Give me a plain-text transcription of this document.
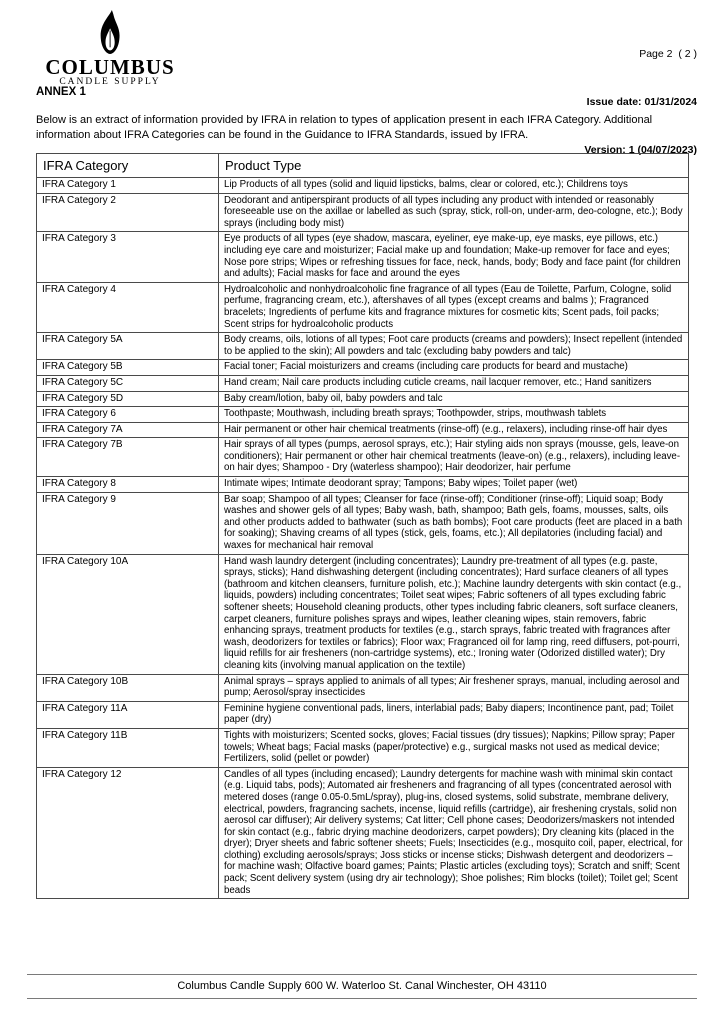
COLUMBUS
CANDLE SUPPLY

Page 2  ( 2 )

Issue date: 01/31/2024

Version: 1 (04/07/2023)

ANNEX 1
Below is an extract of information provided by IFRA in relation to types of application present in each IFRA Category. Additional information about IFRA Categories can be found in the Guidance to IFRA Standards, issued by IFRA.
IFRA Category	Product Type
IFRA Category 1	Lip Products of all types (solid and liquid lipsticks, balms, clear or colored, etc.); Childrens toys
IFRA Category 2	Deodorant and antiperspirant products of all types including any product with intended or reasonably foreseeable use on the axillae or labelled as such (spray, stick, roll-on, under-arm, deo-cologne, etc.); Body sprays (including body mist)
IFRA Category 3	Eye products of all types (eye shadow, mascara, eyeliner, eye make-up, eye masks, eye pillows, etc.) including eye care and moisturizer; Facial make up and foundation; Make-up remover for face and eyes; Nose pore strips; Wipes or refreshing tissues for face, neck, hands, body; Body and face paint (for children and adults); Facial masks for face and around the eyes
IFRA Category 4	Hydroalcoholic and nonhydroalcoholic fine fragrance of all types (Eau de Toilette, Parfum, Cologne, solid perfume, fragrancing cream, etc.), aftershaves of all types (except creams and balms ); Fragranced bracelets; Ingredients of perfume kits and fragrance mixtures for cosmetic kits; Scent pads, foil packs; Scent strips for hydroalcoholic products
IFRA Category 5A	Body creams, oils, lotions of all types; Foot care products (creams and powders); Insect repellent (intended to be applied to the skin); All powders and talc (excluding baby powders and talc)
IFRA Category 5B	Facial toner; Facial moisturizers and creams (including care products for beard and mustache)
IFRA Category 5C	Hand cream; Nail care products including cuticle creams, nail lacquer remover, etc.; Hand sanitizers
IFRA Category 5D	Baby cream/lotion, baby oil, baby powders and talc
IFRA Category 6	Toothpaste; Mouthwash, including breath sprays; Toothpowder, strips, mouthwash tablets
IFRA Category 7A	Hair permanent or other hair chemical treatments (rinse-off) (e.g., relaxers), including rinse-off hair dyes
IFRA Category 7B	Hair sprays of all types (pumps, aerosol sprays, etc.); Hair styling aids non sprays (mousse, gels, leave-on conditioners); Hair permanent or other hair chemical treatments (leave-on) (e.g., relaxers), including leave-on hair dyes; Shampoo - Dry (waterless shampoo); Hair deodorizer, hair perfume
IFRA Category 8	Intimate wipes; Intimate deodorant spray; Tampons; Baby wipes; Toilet paper (wet)
IFRA Category 9	Bar soap; Shampoo of all types; Cleanser for face (rinse-off); Conditioner (rinse-off); Liquid soap; Body washes and shower gels of all types; Baby wash, bath, shampoo; Bath gels, foams, mousses, salts, oils and other products added to bathwater (such as bath bombs); Foot care products (feet are placed in a bath for soaking); Shaving creams of all types (stick, gels, foams, etc.); All depilatories (including facial) and waxes for mechanical hair removal
IFRA Category 10A	Hand wash laundry detergent (including concentrates); Laundry pre-treatment of all types (e.g. paste, sprays, sticks); Hand dishwashing detergent (including concentrates); Hard surface cleaners of all types (bathroom and kitchen cleansers, furniture polish, etc.); Machine laundry detergents with skin contact (e.g., liquids, powders) including concentrates; Toilet seat wipes; Fabric softeners of all types excluding fabric softener sheets; Household cleaning products, other types including fabric cleaners, soft surface cleaners, carpet cleaners, furniture polishes sprays and wipes, leather cleaning wipes, stain removers, fabric enhancing sprays, treatment products for textiles (e.g., starch sprays, fabric treated with fragrances after wash, deodorizers for textiles or fabrics); Floor wax; Fragranced oil for lamp ring, reed diffusers, pot-pourri, liquid refills for air fresheners (non-cartridge systems), etc.; Ironing water (Odorized distilled water); Dry cleaning kits (involving manual application on the textile)
IFRA Category 10B	Animal sprays – sprays applied to animals of all types; Air freshener sprays, manual, including aerosol and pump; Aerosol/spray insecticides
IFRA Category 11A	Feminine hygiene conventional pads, liners, interlabial pads; Baby diapers; Incontinence pant, pad; Toilet paper (dry)
IFRA Category 11B	Tights with moisturizers; Scented socks, gloves; Facial tissues (dry tissues); Napkins; Pillow spray; Paper towels; Wheat bags; Facial masks (paper/protective) e.g., surgical masks not used as medical device; Fertilizers, solid (pellet or powder)
IFRA Category 12	Candles of all types (including encased); Laundry detergents for machine wash with minimal skin contact (e.g. Liquid tabs, pods); Automated air fresheners and fragrancing of all types (concentrated aerosol with metered doses (range 0.05-0.5mL/spray), plug-ins, closed systems, solid substrate, membrane delivery, electrical, powders, fragrancing sachets, incense, liquid refills (cartridge), air freshening crystals, solid non aerosol car diffuser); Air delivery systems; Cat litter; Cell phone cases; Deodorizers/maskers not intended for skin contact (e.g., fabric drying machine deodorizers, carpet powders); Dry cleaning kits (placed in the dryer); Dryer sheets and fabric softener sheets; Fuels; Insecticides (e.g., mosquito coil, paper, electrical, for clothing) excluding aerosols/sprays; Joss sticks or incense sticks; Dishwash detergent and deodorizers – for machine wash; Olfactive board games; Paints; Plastic articles (excluding toys); Scratch and sniff; Scent pack; Scent delivery system (using dry air technology); Shoe polishes; Rim blocks (toilet); Toilet gel; Scent beads
Columbus Candle Supply 600 W. Waterloo St. Canal Winchester, OH 43110
